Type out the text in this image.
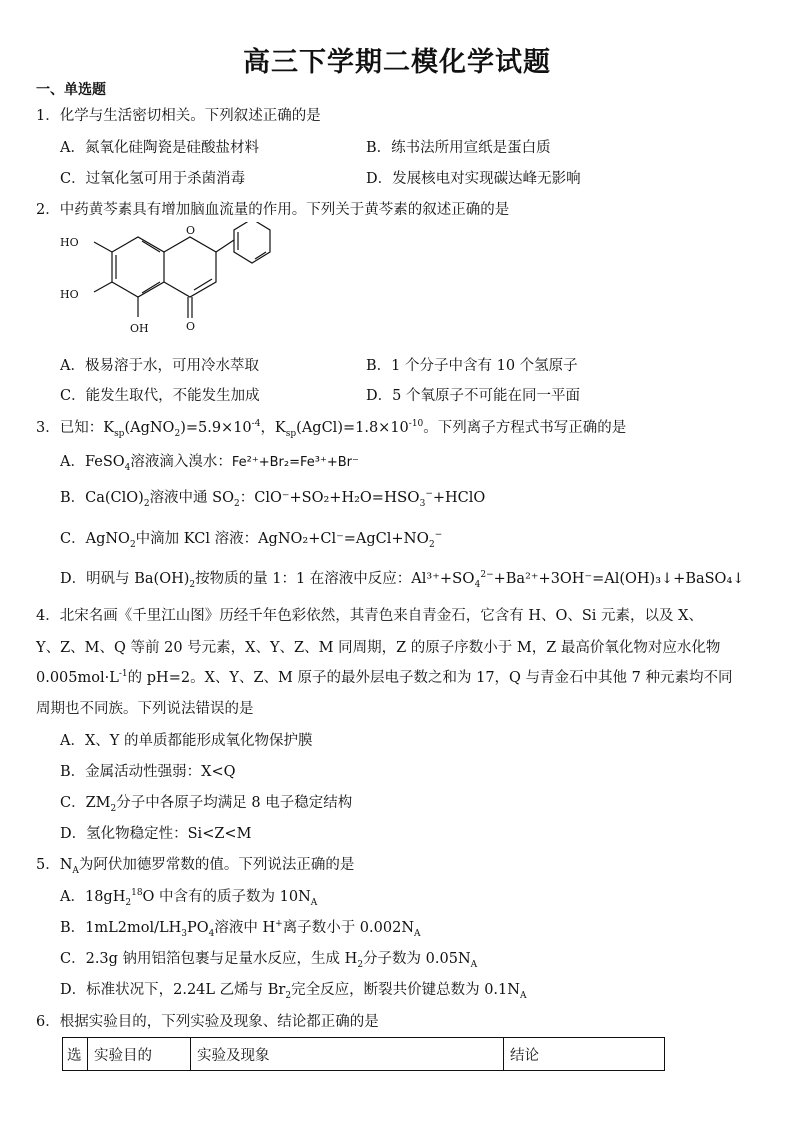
高三下学期二模化学试题
一、单选题
1．化学与生活密切相关。下列叙述正确的是
A．氮氧化硅陶瓷是硅酸盐材料	B．练书法所用宣纸是蛋白质
C．过氧化氢可用于杀菌消毒	D．发展核电对实现碳达峰无影响
2．中药黄芩素具有增加脑血流量的作用。下列关于黄芩素的叙述正确的是
HO
HO
OH
O
O
A．极易溶于水，可用冷水萃取	B．1 个分子中含有 10 个氢原子
C．能发生取代，不能发生加成	D．5 个氧原子不可能在同一平面
3．已知：$K_{sp}(AgNO_2)=5.9\times 10^{-4}$，$K_{sp}(AgCl)=1.8\times 10^{-10}$。下列离子方程式书写正确的是
A．FeSO$_4$溶液滴入溴水：Fe²⁺+Br₂=Fe³⁺+Br⁻
B．$Ca(ClO)_2$溶液中通 $SO_2$：$ClO^-+SO_2+H_2O=HSO_3^-+HClO$
C．AgNO$_2$中滴加 KCl 溶液：$AgNO_2+Cl^-=AgCl+NO_2^-$
D．明矾与 $Ba(OH)_2$按物质的量 1：1 在溶液中反应：$Al^{3+}+SO_4^{2-}+Ba^{2+}+3OH^-=Al(OH)_3↓+BaSO_4↓$
4．北宋名画《千里江山图》历经千年色彩依然，其青色来自青金石，它含有 H、O、Si 元素，以及 X、
Y、Z、M、Q 等前 20 号元素，X、Y、Z、M 同周期，Z 的原子序数小于 M，Z 最高价氧化物对应水化物
$0.005mol\cdot L^{-1}$的 pH=2。X、Y、Z、M 原子的最外层电子数之和为 17，Q 与青金石中其他 7 种元素均不同
周期也不同族。下列说法错误的是
A．X、Y 的单质都能形成氧化物保护膜
B．金属活动性强弱：X<Q
C．$ZM_2$分子中各原子均满足 8 电子稳定结构
D．氢化物稳定性：Si<Z<M
5．$N_A$为阿伏加德罗常数的值。下列说法正确的是
A．$18gH_2^{18}O$ 中含有的质子数为 $10N_A$
B．$1mL2mol/LH_3PO_4$溶液中 H+离子数小于 $0.002N_A$
C．2.3g 钠用铝箔包裹与足量水反应，生成 $H_2$分子数为 $0.05N_A$
D．标准状况下，2.24L 乙烯与 $Br_2$完全反应，断裂共价键总数为 $0.1N_A$
6．根据实验目的，下列实验及现象、结论都正确的是
选	实验目的	实验及现象	结论
